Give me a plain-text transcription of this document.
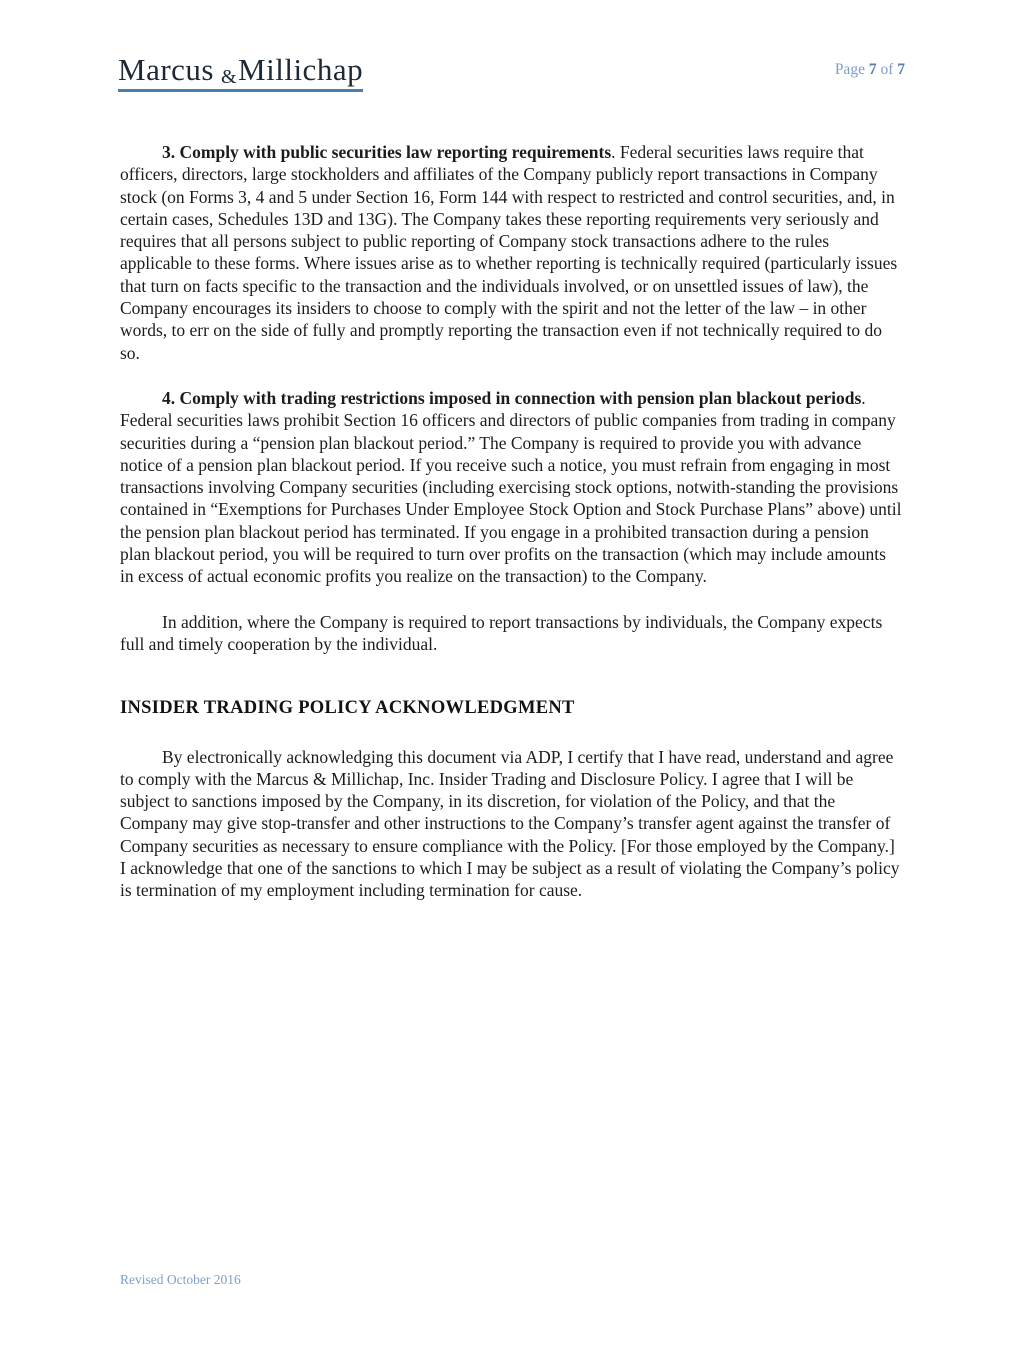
Marcus &Millichap	Page 7 of 7

3. Comply with public securities law reporting requirements. Federal securities laws require that officers, directors, large stockholders and affiliates of the Company publicly report transactions in Company stock (on Forms 3, 4 and 5 under Section 16, Form 144 with respect to restricted and control securities, and, in certain cases, Schedules 13D and 13G). The Company takes these reporting requirements very seriously and requires that all persons subject to public reporting of Company stock transactions adhere to the rules applicable to these forms. Where issues arise as to whether reporting is technically required (particularly issues that turn on facts specific to the transaction and the individuals involved, or on unsettled issues of law), the Company encourages its insiders to choose to comply with the spirit and not the letter of the law – in other words, to err on the side of fully and promptly reporting the transaction even if not technically required to do so.

4. Comply with trading restrictions imposed in connection with pension plan blackout periods. Federal securities laws prohibit Section 16 officers and directors of public companies from trading in company securities during a “pension plan blackout period.” The Company is required to provide you with advance notice of a pension plan blackout period. If you receive such a notice, you must refrain from engaging in most transactions involving Company securities (including exercising stock options, notwith-standing the provisions contained in “Exemptions for Purchases Under Employee Stock Option and Stock Purchase Plans” above) until the pension plan blackout period has terminated. If you engage in a prohibited transaction during a pension plan blackout period, you will be required to turn over profits on the transaction (which may include amounts in excess of actual economic profits you realize on the transaction) to the Company.

In addition, where the Company is required to report transactions by individuals, the Company expects full and timely cooperation by the individual.

INSIDER TRADING POLICY ACKNOWLEDGMENT

By electronically acknowledging this document via ADP, I certify that I have read, understand and agree to comply with the Marcus & Millichap, Inc. Insider Trading and Disclosure Policy. I agree that I will be subject to sanctions imposed by the Company, in its discretion, for violation of the Policy, and that the Company may give stop-transfer and other instructions to the Company’s transfer agent against the transfer of Company securities as necessary to ensure compliance with the Policy. [For those employed by the Company.] I acknowledge that one of the sanctions to which I may be subject as a result of violating the Company’s policy is termination of my employment including termination for cause.

Revised October 2016
